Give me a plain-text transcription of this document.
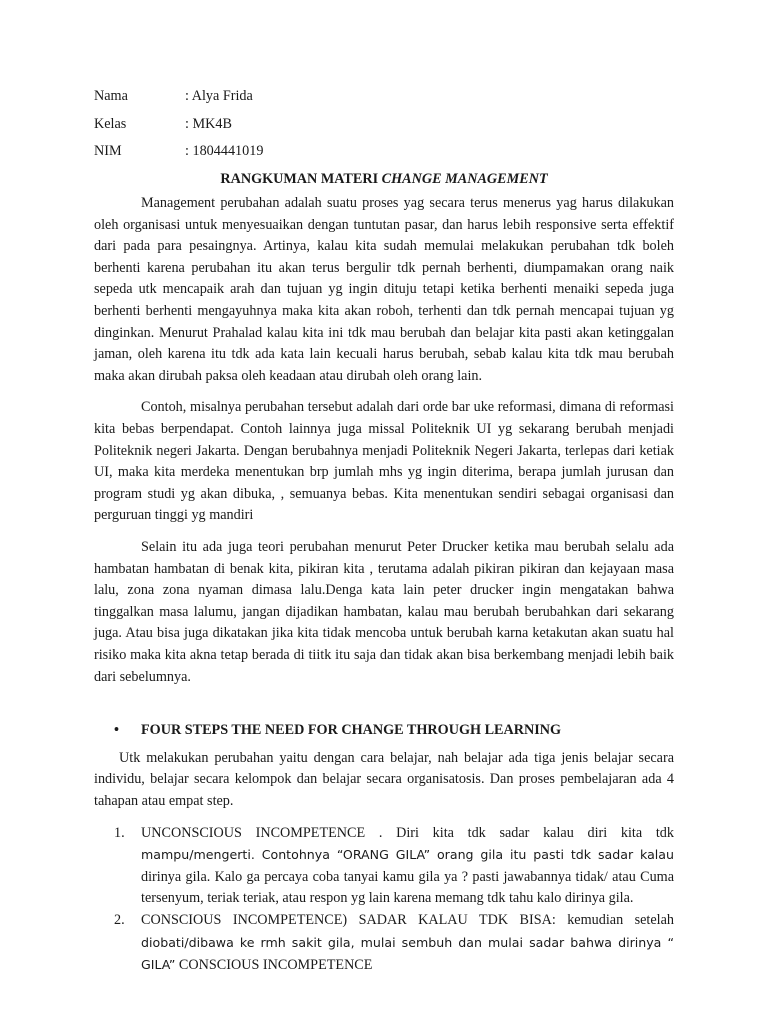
Nama	: Alya Frida
Kelas	: MK4B
NIM	: 1804441019
RANGKUMAN MATERI CHANGE MANAGEMENT

Management perubahan adalah suatu proses yag secara terus menerus yag harus dilakukan oleh organisasi untuk menyesuaikan dengan tuntutan pasar, dan harus lebih responsive serta effektif dari pada para pesaingnya. Artinya, kalau kita sudah memulai melakukan perubahan tdk boleh berhenti karena perubahan itu akan terus bergulir tdk pernah berhenti, diumpamakan orang naik sepeda utk mencapaik arah dan tujuan yg ingin dituju tetapi ketika berhenti menaiki sepeda juga berhenti berhenti mengayuhnya maka kita akan roboh, terhenti dan tdk pernah mencapai tujuan yg dinginkan. Menurut Prahalad kalau kita ini tdk mau berubah dan belajar kita pasti akan ketinggalan jaman, oleh karena itu tdk ada kata lain kecuali harus berubah, sebab kalau kita tdk mau berubah maka akan dirubah paksa oleh keadaan atau dirubah oleh orang lain.

Contoh, misalnya perubahan tersebut adalah dari orde bar uke reformasi, dimana di reformasi kita bebas berpendapat. Contoh lainnya juga missal Politeknik UI yg sekarang berubah menjadi Politeknik negeri Jakarta. Dengan berubahnya menjadi Politeknik Negeri Jakarta, terlepas dari ketiak UI, maka kita merdeka menentukan brp jumlah mhs yg ingin diterima, berapa jumlah jurusan dan program studi yg akan dibuka, , semuanya bebas. Kita menentukan sendiri sebagai organisasi dan perguruan tinggi yg mandiri

Selain itu ada juga teori perubahan menurut Peter Drucker ketika mau berubah selalu ada hambatan hambatan di benak kita, pikiran kita , terutama adalah pikiran pikiran dan kejayaan masa lalu, zona zona nyaman dimasa lalu.Denga kata lain peter drucker ingin mengatakan bahwa tinggalkan masa lalumu, jangan dijadikan hambatan, kalau mau berubah berubahkan dari sekarang juga. Atau bisa juga dikatakan jika kita tidak mencoba untuk berubah karna ketakutan akan suatu hal risiko maka kita akna tetap berada di tiitk itu saja dan tidak akan bisa berkembang menjadi lebih baik dari sebelumnya.

•	FOUR STEPS THE NEED FOR CHANGE THROUGH LEARNING

Utk melakukan perubahan yaitu dengan cara belajar, nah belajar ada tiga jenis belajar secara individu, belajar secara kelompok dan belajar secara organisatosis. Dan proses pembelajaran ada 4 tahapan atau empat step.

1.	UNCONSCIOUS INCOMPETENCE . Diri kita tdk sadar kalau diri kita tdk mampu/mengerti. Contohnya “ORANG GILA” orang gila itu pasti tdk sadar kalau dirinya gila. Kalo ga percaya coba tanyai kamu gila ya ? pasti jawabannya tidak/ atau Cuma tersenyum, teriak teriak, atau respon yg lain karena memang tdk tahu kalo dirinya gila.
2.	CONSCIOUS INCOMPETENCE) SADAR KALAU TDK BISA: kemudian setelah diobati/dibawa ke rmh sakit gila, mulai sembuh dan mulai sadar bahwa dirinya “ GILA” CONSCIOUS INCOMPETENCE
